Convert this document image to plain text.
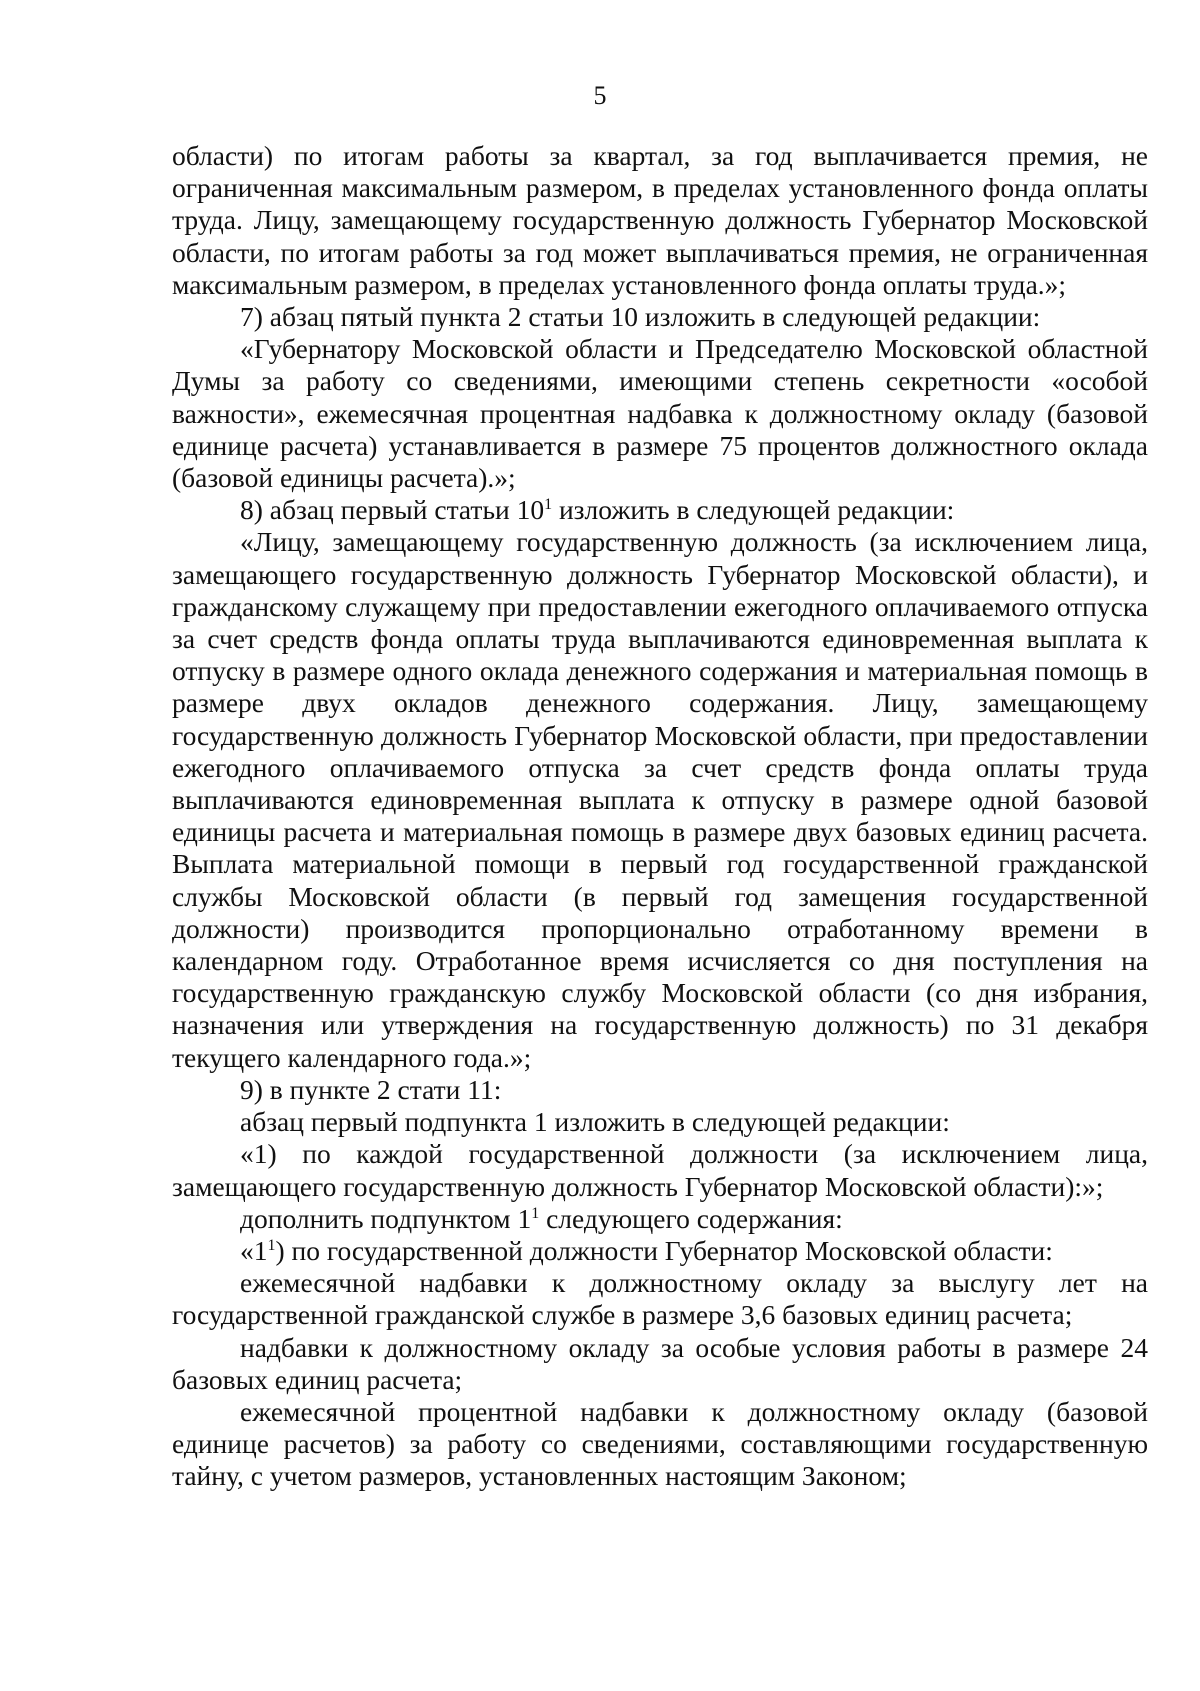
5

области) по итогам работы за квартал, за год выплачивается премия, не ограниченная максимальным размером, в пределах установленного фонда оплаты труда. Лицу, замещающему государственную должность Губернатор Московской области, по итогам работы за год может выплачиваться премия, не ограниченная максимальным размером, в пределах установленного фонда оплаты труда.»;

7) абзац пятый пункта 2 статьи 10 изложить в следующей редакции:

«Губернатору Московской области и Председателю Московской областной Думы за работу со сведениями, имеющими степень секретности «особой важности», ежемесячная процентная надбавка к должностному окладу (базовой единице расчета) устанавливается в размере 75 процентов должностного оклада (базовой единицы расчета).»;

8) абзац первый статьи $10^1$ изложить в следующей редакции:

«Лицу, замещающему государственную должность (за исключением лица, замещающего государственную должность Губернатор Московской области), и гражданскому служащему при предоставлении ежегодного оплачиваемого отпуска за счет средств фонда оплаты труда выплачиваются единовременная выплата к отпуску в размере одного оклада денежного содержания и материальная помощь в размере двух окладов денежного содержания. Лицу, замещающему государственную должность Губернатор Московской области, при предоставлении ежегодного оплачиваемого отпуска за счет средств фонда оплаты труда выплачиваются единовременная выплата к отпуску в размере одной базовой единицы расчета и материальная помощь в размере двух базовых единиц расчета. Выплата материальной помощи в первый год государственной гражданской службы Московской области (в первый год замещения государственной должности) производится пропорционально отработанному времени в календарном году. Отработанное время исчисляется со дня поступления на государственную гражданскую службу Московской области (со дня избрания, назначения или утверждения на государственную должность) по 31 декабря текущего календарного года.»;

9) в пункте 2 стати 11:

абзац первый подпункта 1 изложить в следующей редакции:

«1) по каждой государственной должности (за исключением лица, замещающего государственную должность Губернатор Московской области):»;

дополнить подпунктом $1^1$ следующего содержания:

«$1^1$) по государственной должности Губернатор Московской области:

ежемесячной надбавки к должностному окладу за выслугу лет на государственной гражданской службе в размере 3,6 базовых единиц расчета;

надбавки к должностному окладу за особые условия работы в размере 24 базовых единиц расчета;

ежемесячной процентной надбавки к должностному окладу (базовой единице расчетов) за работу со сведениями, составляющими государственную тайну, с учетом размеров, установленных настоящим Законом;
